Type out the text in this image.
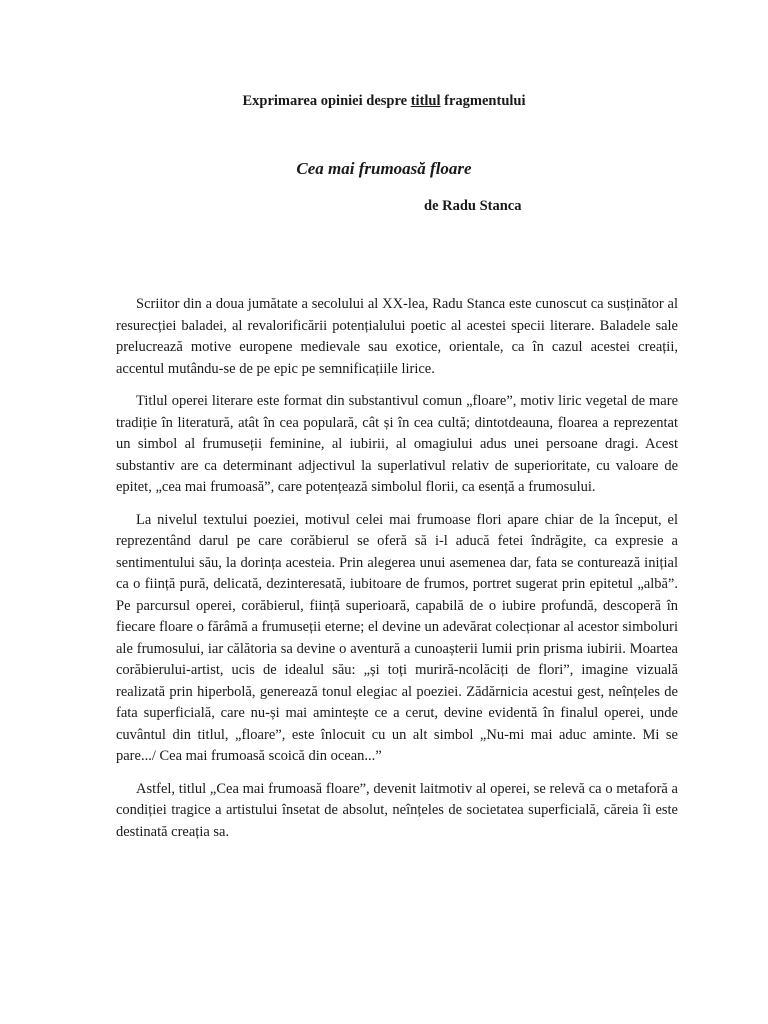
Exprimarea opiniei despre titlul fragmentului
Cea mai frumoasă floare
de Radu Stanca

Scriitor din a doua jumătate a secolului al XX-lea, Radu Stanca este cunoscut ca susținător al resurecției baladei, al revalorificării potențialului poetic al acestei specii literare. Baladele sale prelucrează motive europene medievale sau exotice, orientale, ca în cazul acestei creații, accentul mutându-se de pe epic pe semnificațiile lirice.

Titlul operei literare este format din substantivul comun „floare”, motiv liric vegetal de mare tradiție în literatură, atât în cea populară, cât și în cea cultă; dintotdeauna, floarea a reprezentat un simbol al frumuseții feminine, al iubirii, al omagiului adus unei persoane dragi. Acest substantiv are ca determinant adjectivul la superlativul relativ de superioritate, cu valoare de epitet, „cea mai frumoasă”, care potențează simbolul florii, ca esență a frumosului.

La nivelul textului poeziei, motivul celei mai frumoase flori apare chiar de la început, el reprezentând darul pe care corăbierul se oferă să i-l aducă fetei îndrăgite, ca expresie a sentimentului său, la dorința acesteia. Prin alegerea unui asemenea dar, fata se conturează inițial ca o ființă pură, delicată, dezinteresată, iubitoare de frumos, portret sugerat prin epitetul „albă”. Pe parcursul operei, corăbierul, ființă superioară, capabilă de o iubire profundă, descoperă în fiecare floare o fărâmă a frumuseții eterne; el devine un adevărat colecționar al acestor simboluri ale frumosului, iar călătoria sa devine o aventură a cunoașterii lumii prin prisma iubirii. Moartea corăbierului-artist, ucis de idealul său: „și toți murіră-ncolăciți de flori”, imagine vizuală realizată prin hiperbolă, generează tonul elegiac al poeziei. Zădărnicia acestui gest, neînțeles de fata superficială, care nu-și mai amintește ce a cerut, devine evidentă în finalul operei, unde cuvântul din titlul, „floare”, este înlocuit cu un alt simbol „Nu-mi mai aduc aminte. Mi se pare.../ Cea mai frumoasă scoică din ocean...”

Astfel, titlul „Cea mai frumoasă floare”, devenit laitmotiv al operei, se relevă ca o metaforă a condiției tragice a artistului însetat de absolut, neînțeles de societatea superficială, căreia îi este destinată creația sa.
